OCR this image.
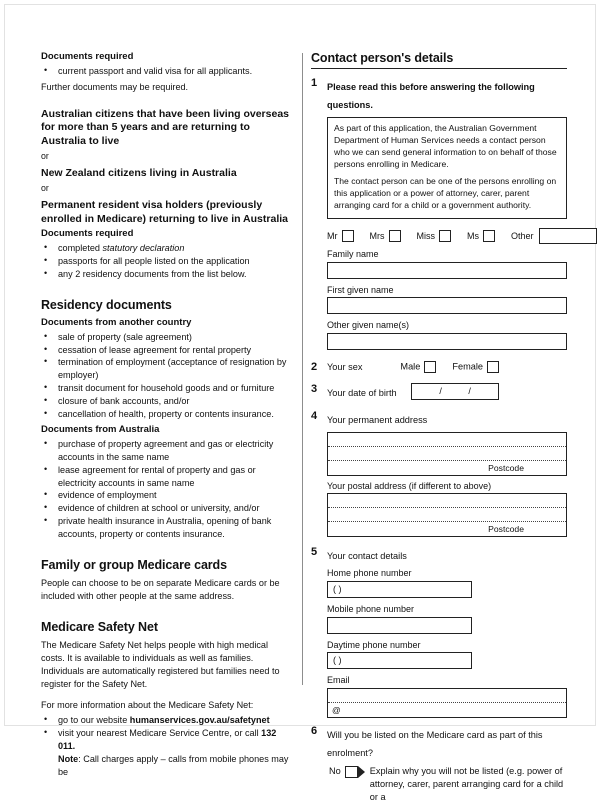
Documents required
• current passport and valid visa for all applicants.
Further documents may be required.
Australian citizens that have been living overseas for more than 5 years and are returning to Australia to live
or
New Zealand citizens living in Australia
or
Permanent resident visa holders (previously enrolled in Medicare) returning to live in Australia
Documents required
• completed statutory declaration
• passports for all people listed on the application
• any 2 residency documents from the list below.
Residency documents
Documents from another country
• sale of property (sale agreement)
• cessation of lease agreement for rental property
• termination of employment (acceptance of resignation by employer)
• transit document for household goods and or furniture
• closure of bank accounts, and/or
• cancellation of health, property or contents insurance.
Documents from Australia
• purchase of property agreement and gas or electricity accounts in the same name
• lease agreement for rental of property and gas or electricity accounts in same name
• evidence of employment
• evidence of children at school or university, and/or
• private health insurance in Australia, opening of bank accounts, property or contents insurance.
Family or group Medicare cards
People can choose to be on separate Medicare cards or be included with other people at the same address.
Medicare Safety Net
The Medicare Safety Net helps people with high medical costs. It is available to individuals as well as families. Individuals are automatically registered but families need to register for the Safety Net.
For more information about the Medicare Safety Net:
• go to our website humanservices.gov.au/safetynet
• visit your nearest Medicare Service Centre, or call 132 011.
Note: Call charges apply – calls from mobile phones may be
Contact person's details
1 Please read this before answering the following questions.

As part of this application, the Australian Government Department of Human Services needs a contact person who we can send general information to on behalf of those persons enrolling in Medicare.

The contact person can be one of the persons enrolling on this application or a power of attorney, carer, parent arranging card for a child or a government authority.

Mr	Mrs	Miss	Ms	Other
Family name
First given name
Other given name(s)
2 Your sex	Male	Female
3 Your date of birth	/ /
4 Your permanent address
Postcode
Your postal address (if different to above)
Postcode
5 Your contact details
Home phone number
( )
Mobile phone number
Daytime phone number
( )
Email
@
6 Will you be listed on the Medicare card as part of this enrolment?
No	Explain why you will not be listed (e.g. power of attorney, carer, parent arranging card for a child or a
